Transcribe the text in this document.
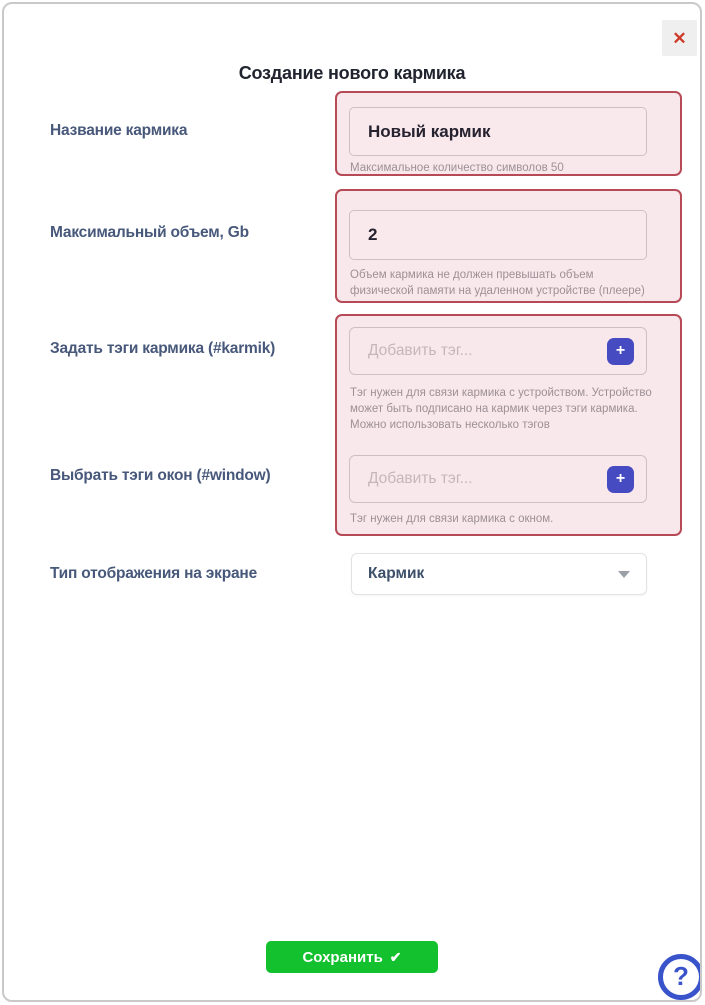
✕
Создание нового кармика
Название кармика
Максимальный объем, Gb
Задать тэги кармика (#karmik)
Выбрать тэги окон (#window)
Тип отображения на экране
Новый кармик
Максимальное количество символов 50
2
Объем кармика не должен превышать объем физической памяти на удаленном устройстве (плеере)
Добавить тэг...
+
Тэг нужен для связи кармика с устройством. Устройство может быть подписано на кармик через тэги кармика. Можно использовать несколько тэгов
Добавить тэг...
+
Тэг нужен для связи кармика с окном.
Кармик
Сохранить ✔
?
